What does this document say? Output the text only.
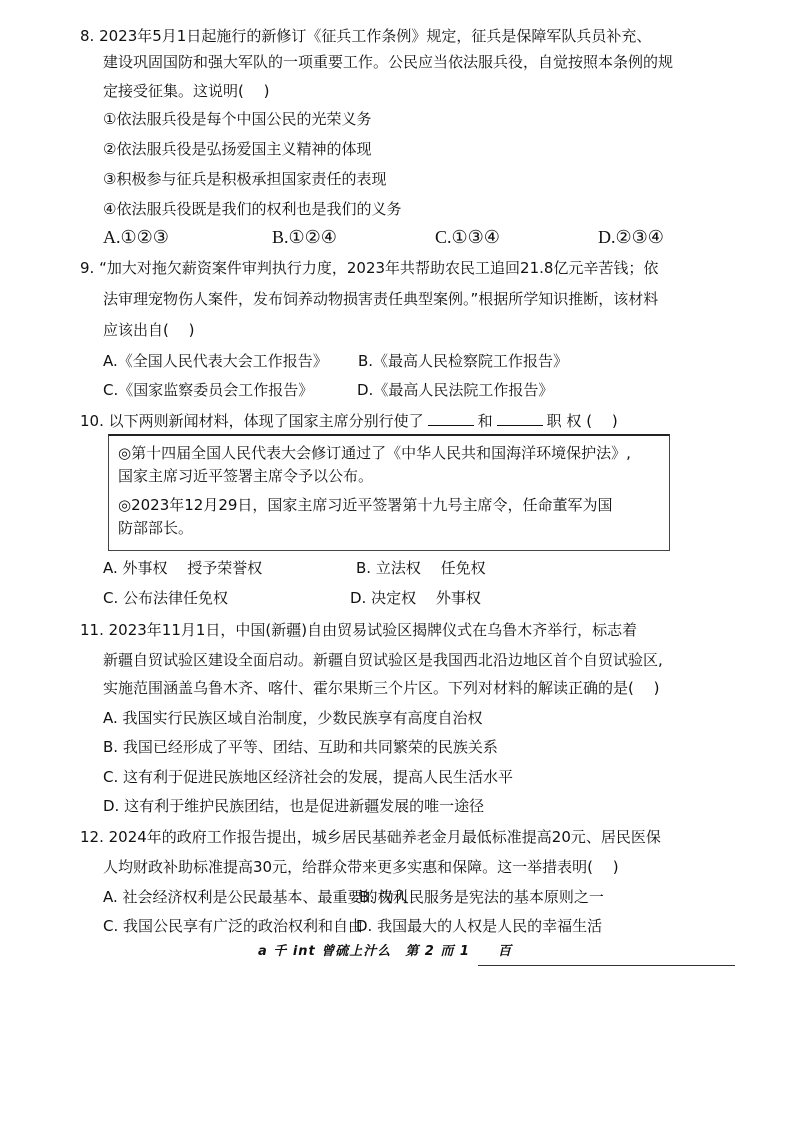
8. 2023年5月1日起施行的新修订《征兵工作条例》规定，征兵是保障军队兵员补充、
建设巩固国防和强大军队的一项重要工作。公民应当依法服兵役，自觉按照本条例的规
定接受征集。这说明(　 )
①依法服兵役是每个中国公民的光荣义务
②依法服兵役是弘扬爱国主义精神的体现
③积极参与征兵是积极承担国家责任的表现
④依法服兵役既是我们的权利也是我们的义务
A.①②③	B.①②④	C.①③④	D.②③④
9. “加大对拖欠薪资案件审判执行力度，2023年共帮助农民工追回21.8亿元辛苦钱；依
法审理宠物伤人案件，发布饲养动物损害责任典型案例。”根据所学知识推断，该材料
应该出自(　 )
A.《全国人民代表大会工作报告》 B.《最高人民检察院工作报告》
C.《国家监察委员会工作报告》	D.《最高人民法院工作报告》
10. 以下两则新闻材料，体现了国家主席分别行使了	和	职 权 (　 )
◎第十四届全国人民代表大会修订通过了《中华人民共和国海洋环境保护法》,
国家主席习近平签署主席令予以公布。
◎2023年12月29日，国家主席习近平签署第十九号主席令，任命董军为国
防部部长。
A. 外事权　 授予荣誉权	B. 立法权　 任免权
C. 公布法律任免权	D. 决定权　 外事权
11. 2023年11月1日，中国(新疆)自由贸易试验区揭牌仪式在乌鲁木齐举行，标志着
新疆自贸试验区建设全面启动。新疆自贸试验区是我国西北沿边地区首个自贸试验区,
实施范围涵盖乌鲁木齐、喀什、霍尔果斯三个片区。下列对材料的解读正确的是(　 )
A. 我国实行民族区域自治制度，少数民族享有高度自治权
B. 我国已经形成了平等、团结、互助和共同繁荣的民族关系
C. 这有利于促进民族地区经济社会的发展，提高人民生活水平
D. 这有利于维护民族团结，也是促进新疆发展的唯一途径
12. 2024年的政府工作报告提出，城乡居民基础养老金月最低标准提高20元、居民医保
人均财政补助标准提高30元，给群众带来更多实惠和保障。这一举措表明(　 )
A. 社会经济权利是公民最基本、最重要的权利
B. 为人民服务是宪法的基本原则之一
C. 我国公民享有广泛的政治权利和自由
D. 我国最大的人权是人民的幸福生活
a 千 int 曾硫上汁么　第 2 而 1　　百
